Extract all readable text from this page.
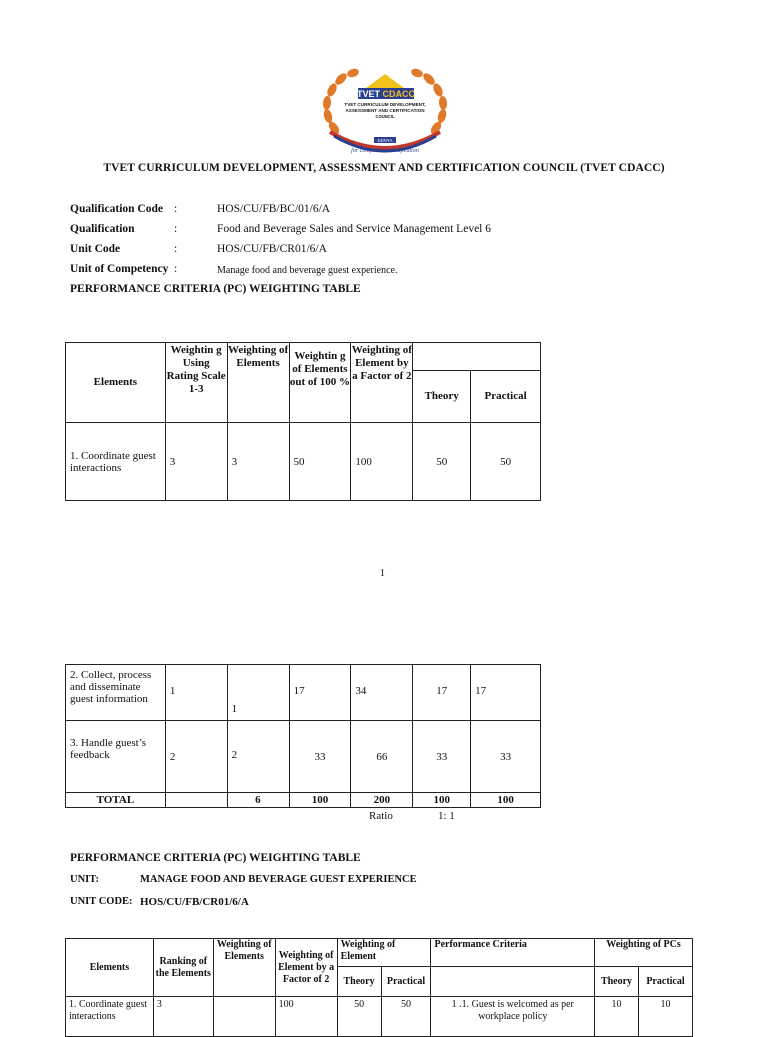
TVET CDACC
TVET CURRICULUM DEVELOPMENT,
ASSESSMENT AND CERTIFICATION
COUNCIL
KENYA
for competence certification
TVET CURRICULUM DEVELOPMENT, ASSESSMENT AND CERTIFICATION COUNCIL (TVET CDACC)
Qualification Code :	HOS/CU/FB/BC/01/6/A
Qualification	:	Food and Beverage Sales and Service Management Level 6
Unit Code	:	HOS/CU/FB/CR01/6/A
Unit of Competency :	Manage food and beverage guest experience.
PERFORMANCE CRITERIA (PC) WEIGHTING TABLE
Elements	Weightin g Using Rating Scale 1-3	Weighting of Elements	Weightin g of Elements out of 100 %	Weighting of Element by a Factor of 2		
					Theory	Practical
1. Coordinate guest interactions	3	3	50	100	50	50
1
2. Collect, process and disseminate guest information	1	1	17	34	17	17
3. Handle guest’s feedback	2	2	33	66	33	33
TOTAL		6	100	200	100	100
Ratio	1: 1
PERFORMANCE CRITERIA (PC) WEIGHTING TABLE
UNIT:	MANAGE FOOD AND BEVERAGE GUEST EXPERIENCE
UNIT CODE: HOS/CU/FB/CR01/6/A
Elements	Ranking of the Elements	Weighting of Elements	Weighting of Element by a Factor of 2	Weighting of Element		Performance Criteria	Weighting of PCs	
				Theory	Practical		Theory	Practical
1. Coordinate guest interactions	3		100	50	50	1 .1. Guest is welcomed as per workplace policy	10	10
